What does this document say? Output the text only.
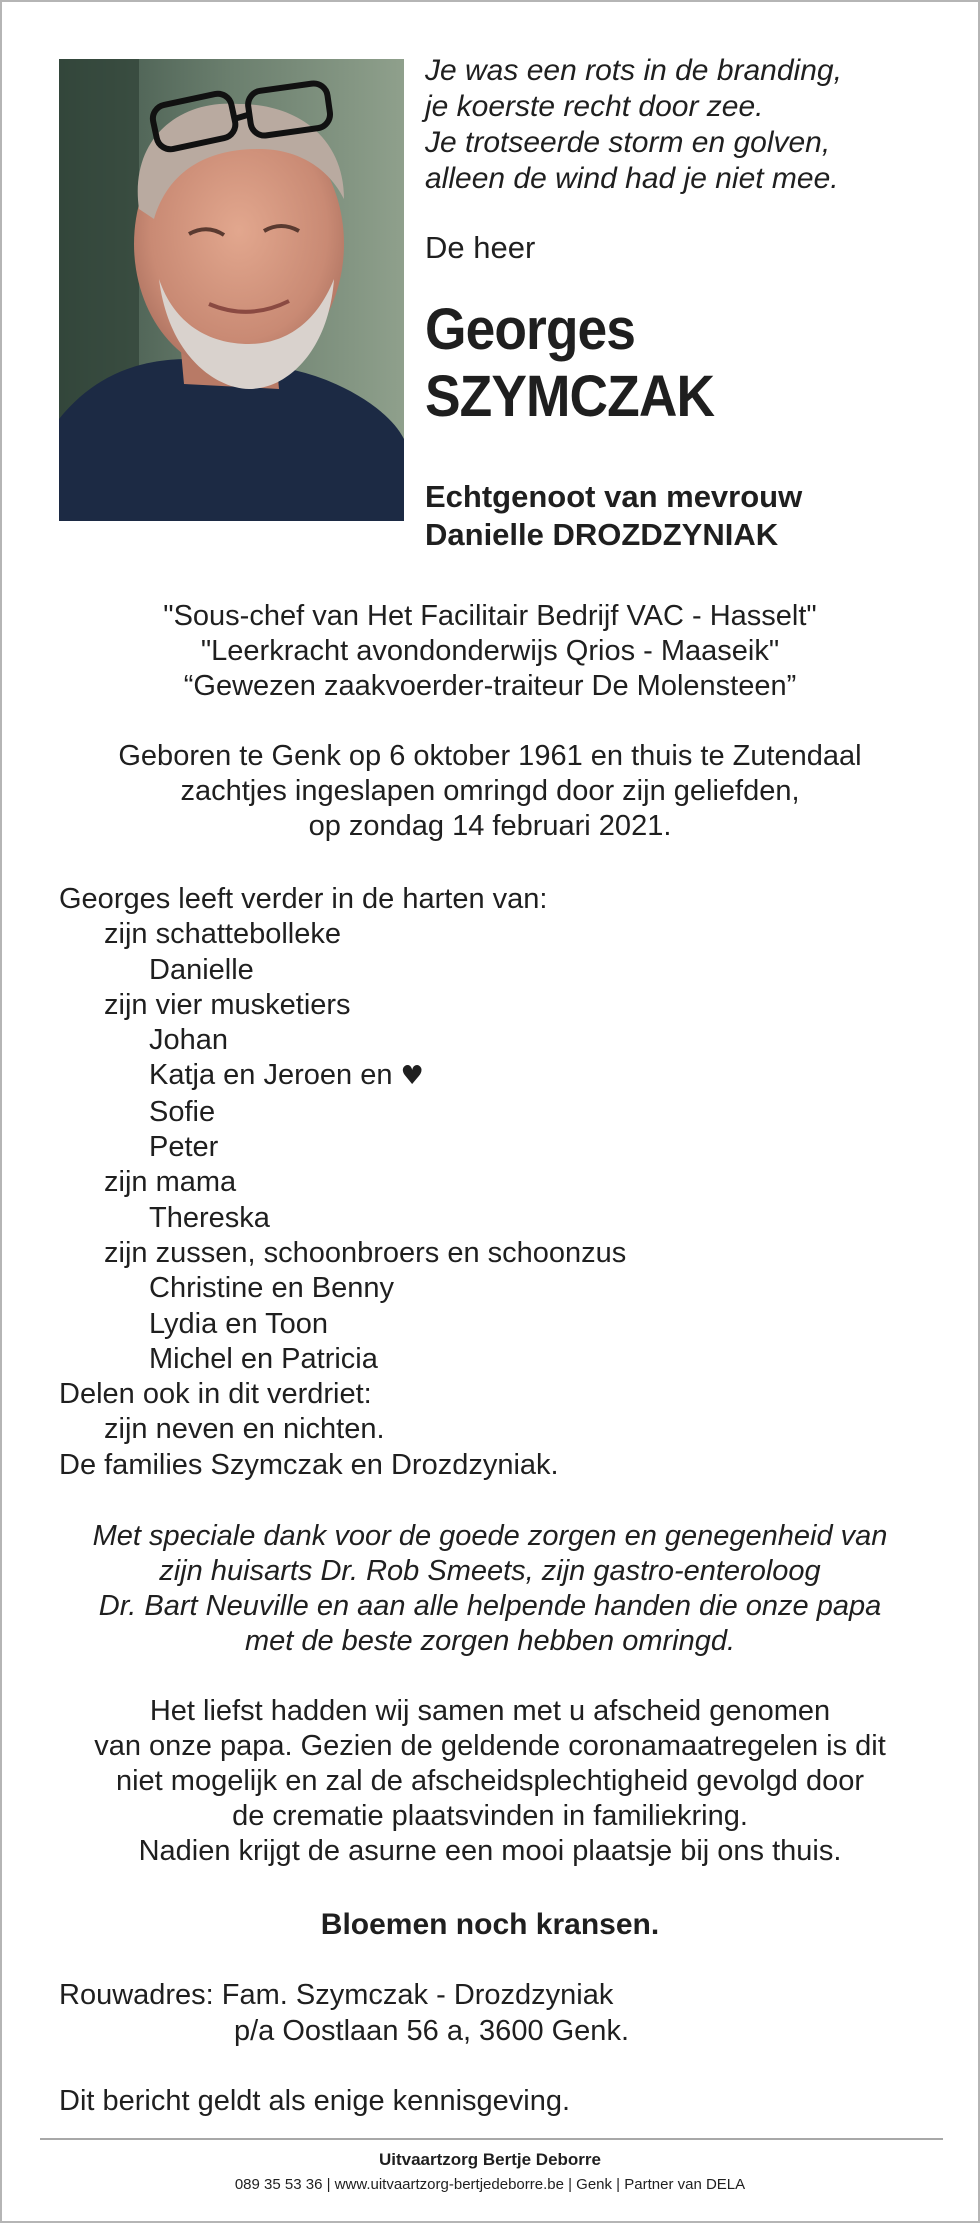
Je was een rots in de branding,
je koerste recht door zee.
Je trotseerde storm en golven,
alleen de wind had je niet mee.
De heer
Georges
SZYMCZAK
Echtgenoot van mevrouw
Danielle DROZDZYNIAK
"Sous-chef van Het Facilitair Bedrijf VAC - Hasselt"
"Leerkracht avondonderwijs Qrios - Maaseik"
“Gewezen zaakvoerder-traiteur De Molensteen”
Geboren te Genk op 6 oktober 1961 en thuis te Zutendaal
zachtjes ingeslapen omringd door zijn geliefden,
op zondag 14 februari 2021.
Georges leeft verder in de harten van:
zijn schattebolleke
Danielle
zijn vier musketiers
Johan
Katja en Jeroen en ♥
Sofie
Peter
zijn mama
Thereska
zijn zussen, schoonbroers en schoonzus
Christine en Benny
Lydia en Toon
Michel en Patricia
Delen ook in dit verdriet:
zijn neven en nichten.
De families Szymczak en Drozdzyniak.
Met speciale dank voor de goede zorgen en genegenheid van
zijn huisarts Dr. Rob Smeets, zijn gastro-enteroloog
Dr. Bart Neuville en aan alle helpende handen die onze papa
met de beste zorgen hebben omringd.
Het liefst hadden wij samen met u afscheid genomen
van onze papa. Gezien de geldende coronamaatregelen is dit
niet mogelijk en zal de afscheidsplechtigheid gevolgd door
de crematie plaatsvinden in familiekring.
Nadien krijgt de asurne een mooi plaatsje bij ons thuis.
Bloemen noch kransen.
Rouwadres: Fam. Szymczak - Drozdzyniak
p/a Oostlaan 56 a, 3600 Genk.
Dit bericht geldt als enige kennisgeving.
Uitvaartzorg Bertje Deborre
089 35 53 36 | www.uitvaartzorg-bertjedeborre.be | Genk | Partner van DELA
